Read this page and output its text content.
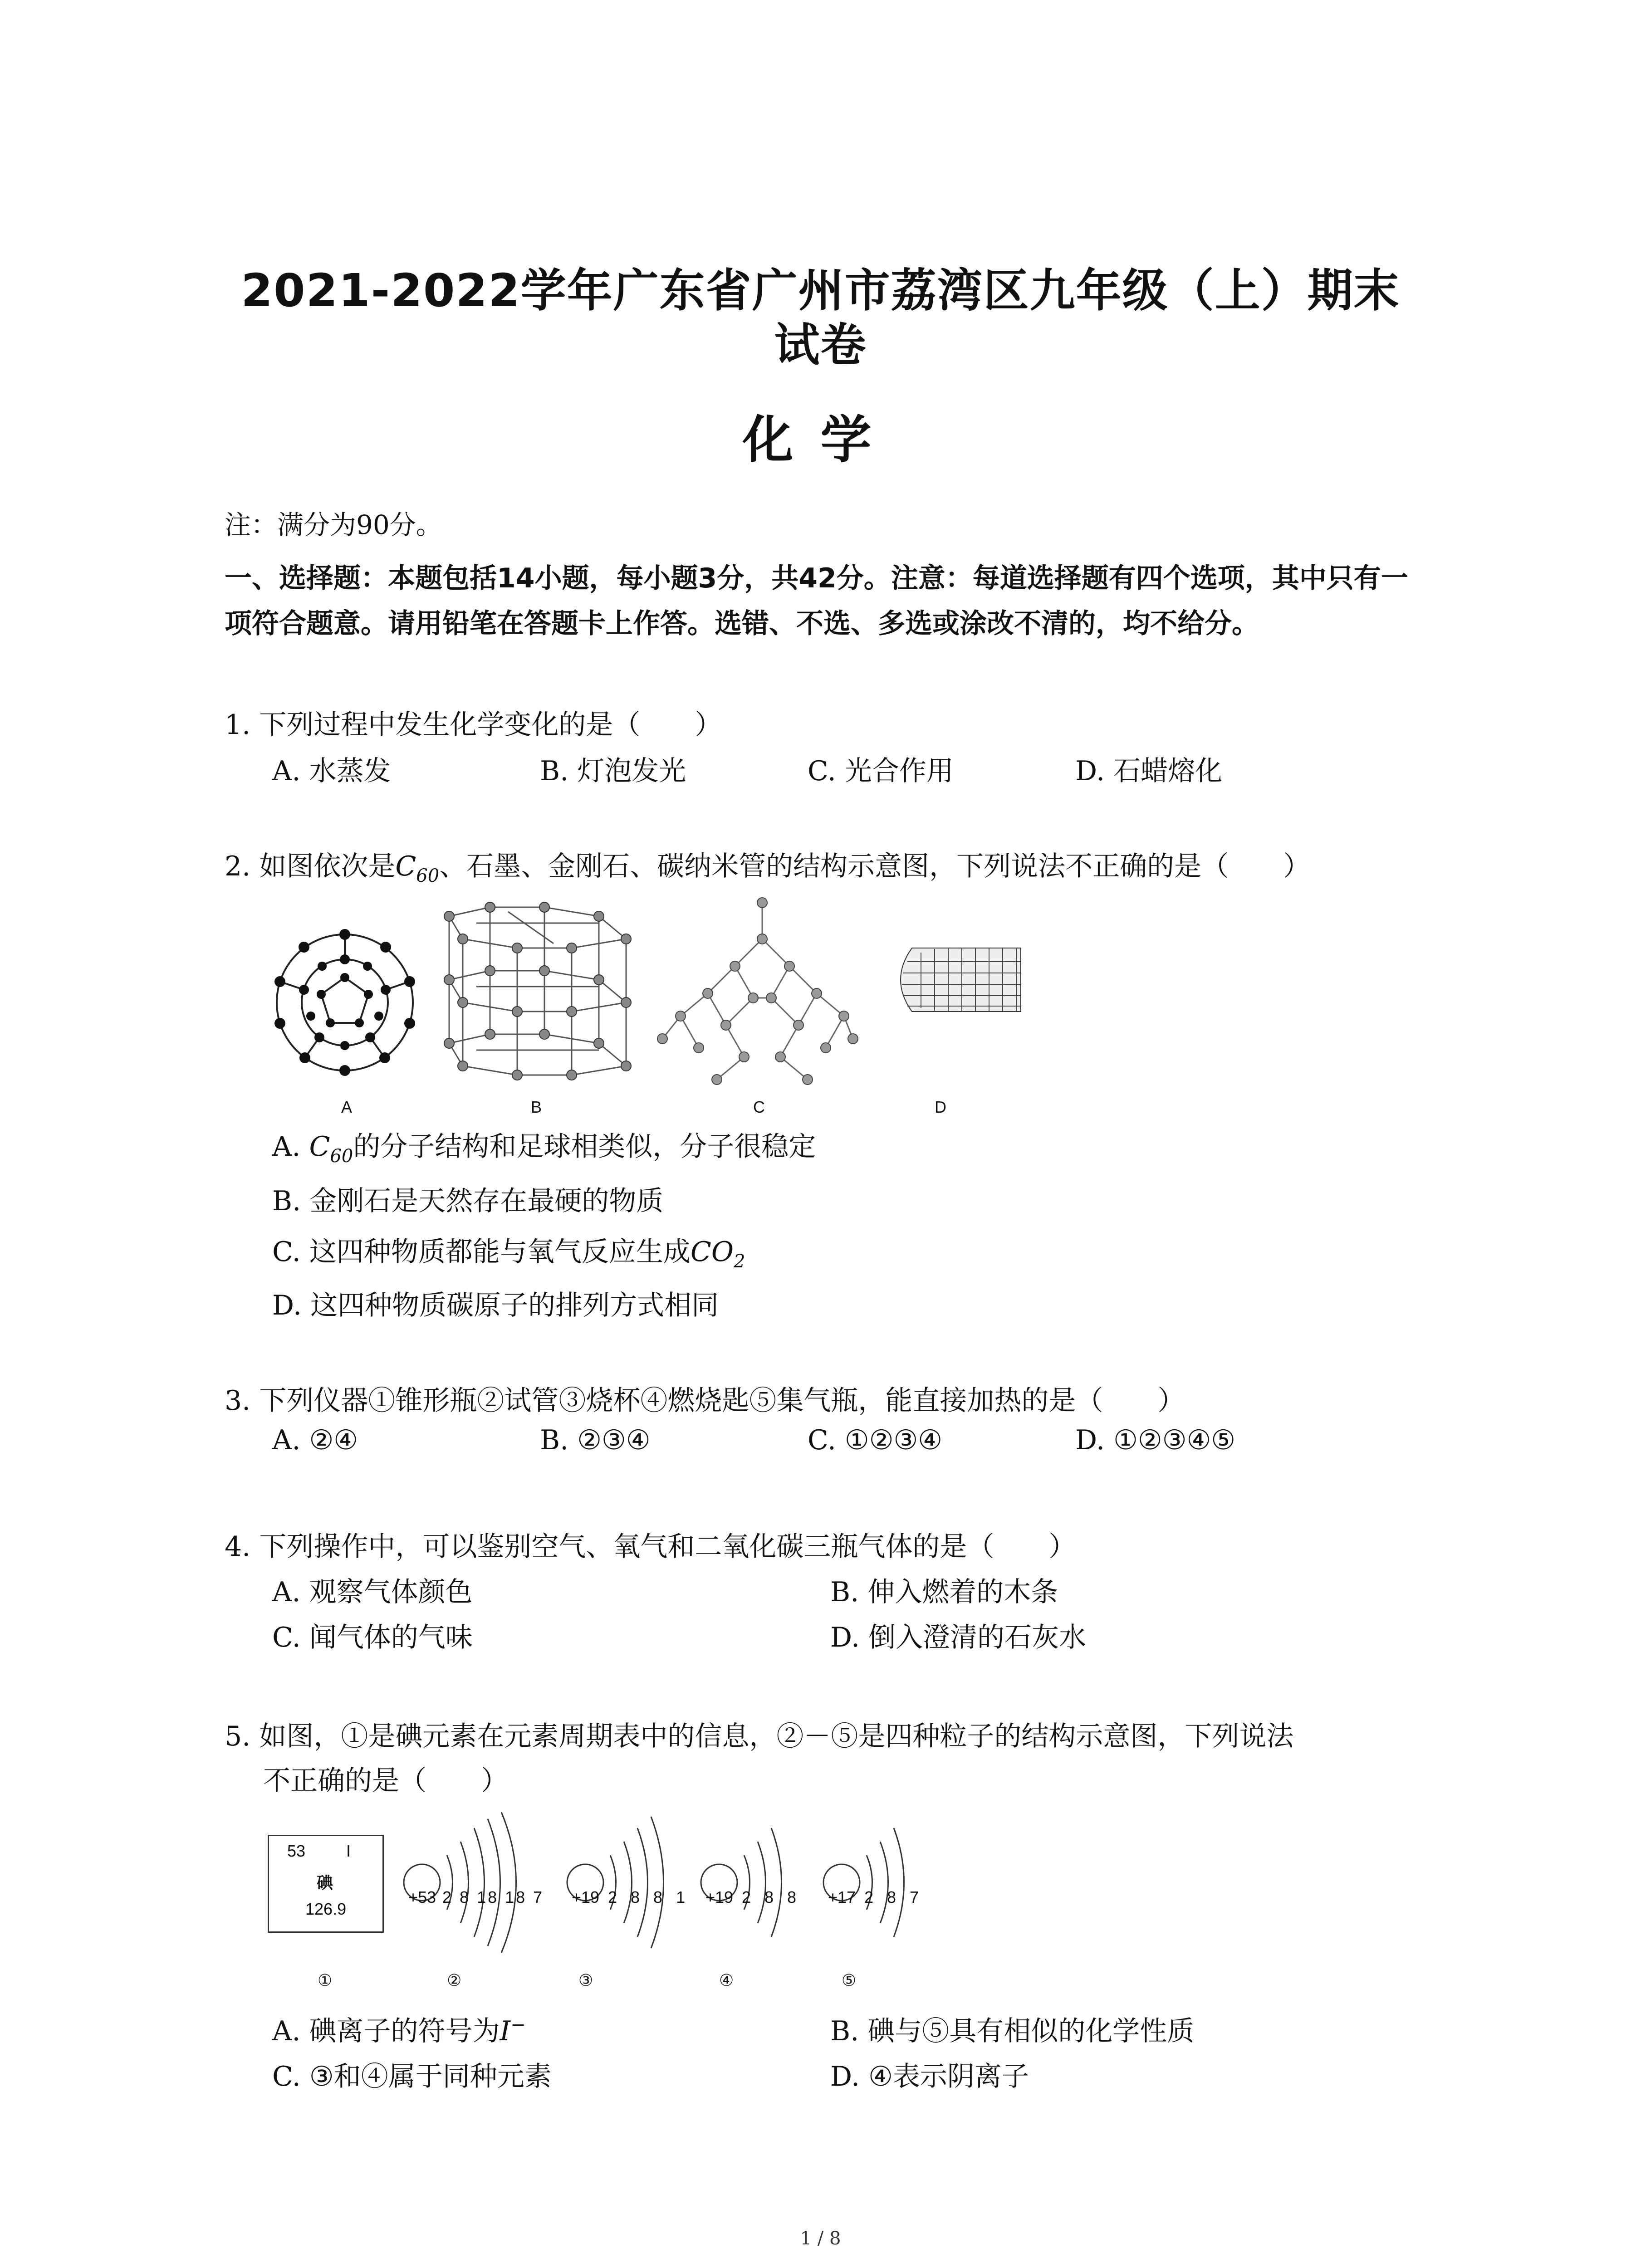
2021-2022学年广东省广州市荔湾区九年级（上）期末
试卷
化学
注：满分为90分。
一、选择题：本题包括14小题，每小题3分，共42分。注意：每道选择题有四个选项，其中只有一项符合题意。请用铅笔在答题卡上作答。选错、不选、多选或涂改不清的，均不给分。
1. 下列过程中发生化学变化的是（　　）
A. 水蒸发	B. 灯泡发光	C. 光合作用	D. 石蜡熔化
2. 如图依次是$C_{60}$、石墨、金刚石、碳纳米管的结构示意图，下列说法不正确的是（　　）
A	B	C	D
A. $C_{60}$的分子结构和足球相类似，分子很稳定
B. 金刚石是天然存在最硬的物质
C. 这四种物质都能与氧气反应生成$CO_2$
D. 这四种物质碳原子的排列方式相同
3. 下列仪器①锥形瓶②试管③烧杯④燃烧匙⑤集气瓶，能直接加热的是（　　）
A. ②④	B. ②③④	C. ①②③④	D. ①②③④⑤
4. 下列操作中，可以鉴别空气、氧气和二氧化碳三瓶气体的是（　　）
A. 观察气体颜色	B. 伸入燃着的木条
C. 闻气体的气味	D. 倒入澄清的石灰水
5. 如图，①是碘元素在元素周期表中的信息，②－⑤是四种粒子的结构示意图，下列说法
不正确的是（　　）
53 I
碘
126.9
+53 2 8 18 18 7 +19 2 8 8 1 +19 2 8 8 +17 2 8 7
①	②	③	④	⑤
A. 碘离子的符号为I−	B. 碘与⑤具有相似的化学性质
C. ③和④属于同种元素	D. ④表示阴离子
1 / 8
